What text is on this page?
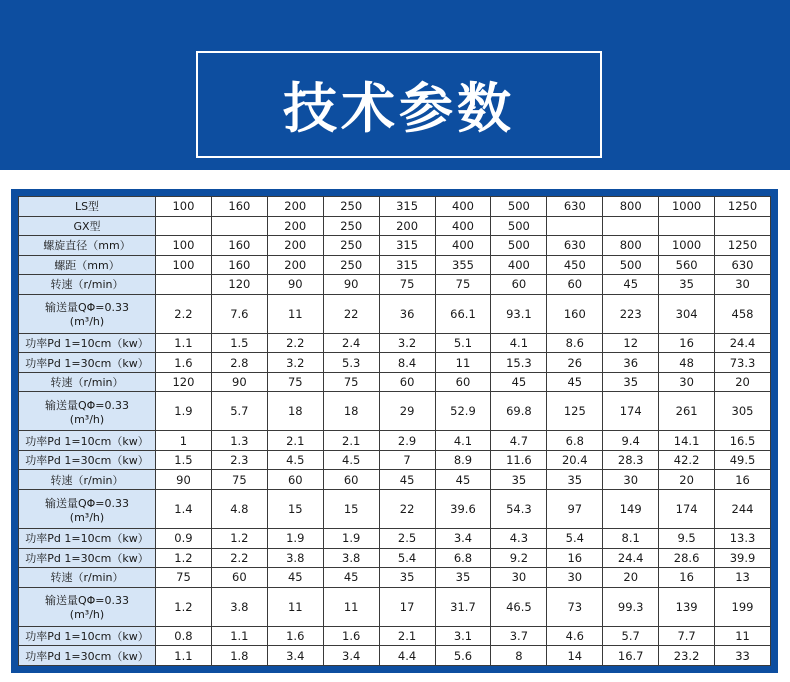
技术参数
LS型	100	160	200	250	315	400	500	630	800	1000	1250

GX型			200	250	200	400	500				

螺旋直径（mm）	100	160	200	250	315	400	500	630	800	1000	1250

螺距（mm）	100	160	200	250	315	355	400	450	500	560	630

转速（r/min）		120	90	90	75	75	60	60	45	35	30

输送量QΦ=0.33
(m³/h)	2.2	7.6	11	22	36	66.1	93.1	160	223	304	458

功率Pd 1=10cm（kw）	1.1	1.5	2.2	2.4	3.2	5.1	4.1	8.6	12	16	24.4

功率Pd 1=30cm（kw）	1.6	2.8	3.2	5.3	8.4	11	15.3	26	36	48	73.3

转速（r/min）	120	90	75	75	60	60	45	45	35	30	20

输送量QΦ=0.33
(m³/h)	1.9	5.7	18	18	29	52.9	69.8	125	174	261	305

功率Pd 1=10cm（kw）	1	1.3	2.1	2.1	2.9	4.1	4.7	6.8	9.4	14.1	16.5

功率Pd 1=30cm（kw）	1.5	2.3	4.5	4.5	7	8.9	11.6	20.4	28.3	42.2	49.5

转速（r/min）	90	75	60	60	45	45	35	35	30	20	16

输送量QΦ=0.33
(m³/h)	1.4	4.8	15	15	22	39.6	54.3	97	149	174	244

功率Pd 1=10cm（kw）	0.9	1.2	1.9	1.9	2.5	3.4	4.3	5.4	8.1	9.5	13.3

功率Pd 1=30cm（kw）	1.2	2.2	3.8	3.8	5.4	6.8	9.2	16	24.4	28.6	39.9

转速（r/min）	75	60	45	45	35	35	30	30	20	16	13

输送量QΦ=0.33
(m³/h)	1.2	3.8	11	11	17	31.7	46.5	73	99.3	139	199

功率Pd 1=10cm（kw）	0.8	1.1	1.6	1.6	2.1	3.1	3.7	4.6	5.7	7.7	11

功率Pd 1=30cm（kw）	1.1	1.8	3.4	3.4	4.4	5.6	8	14	16.7	23.2	33
